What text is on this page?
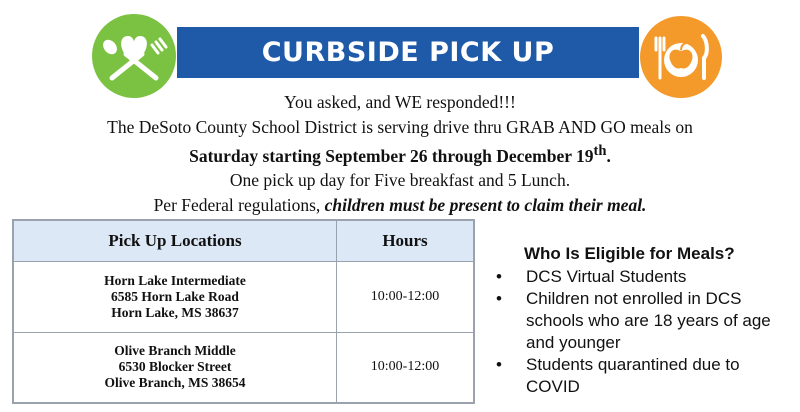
CURBSIDE PICK UP
You asked, and WE responded!!!
The DeSoto County School District is serving drive thru GRAB AND GO meals on
Saturday starting September 26 through December 19th.
One pick up day for Five breakfast and 5 Lunch.
Per Federal regulations, children must be present to claim their meal.
Pick Up Locations	Hours

Horn Lake Intermediate
6585 Horn Lake Road
Horn Lake, MS 38637	10:00-12:00

Olive Branch Middle
6530 Blocker Street
Olive Branch, MS 38654	10:00-12:00
Who Is Eligible for Meals?
• DCS Virtual Students
• Children not enrolled in DCS schools who are 18 years of age and younger
• Students quarantined due to COVID
